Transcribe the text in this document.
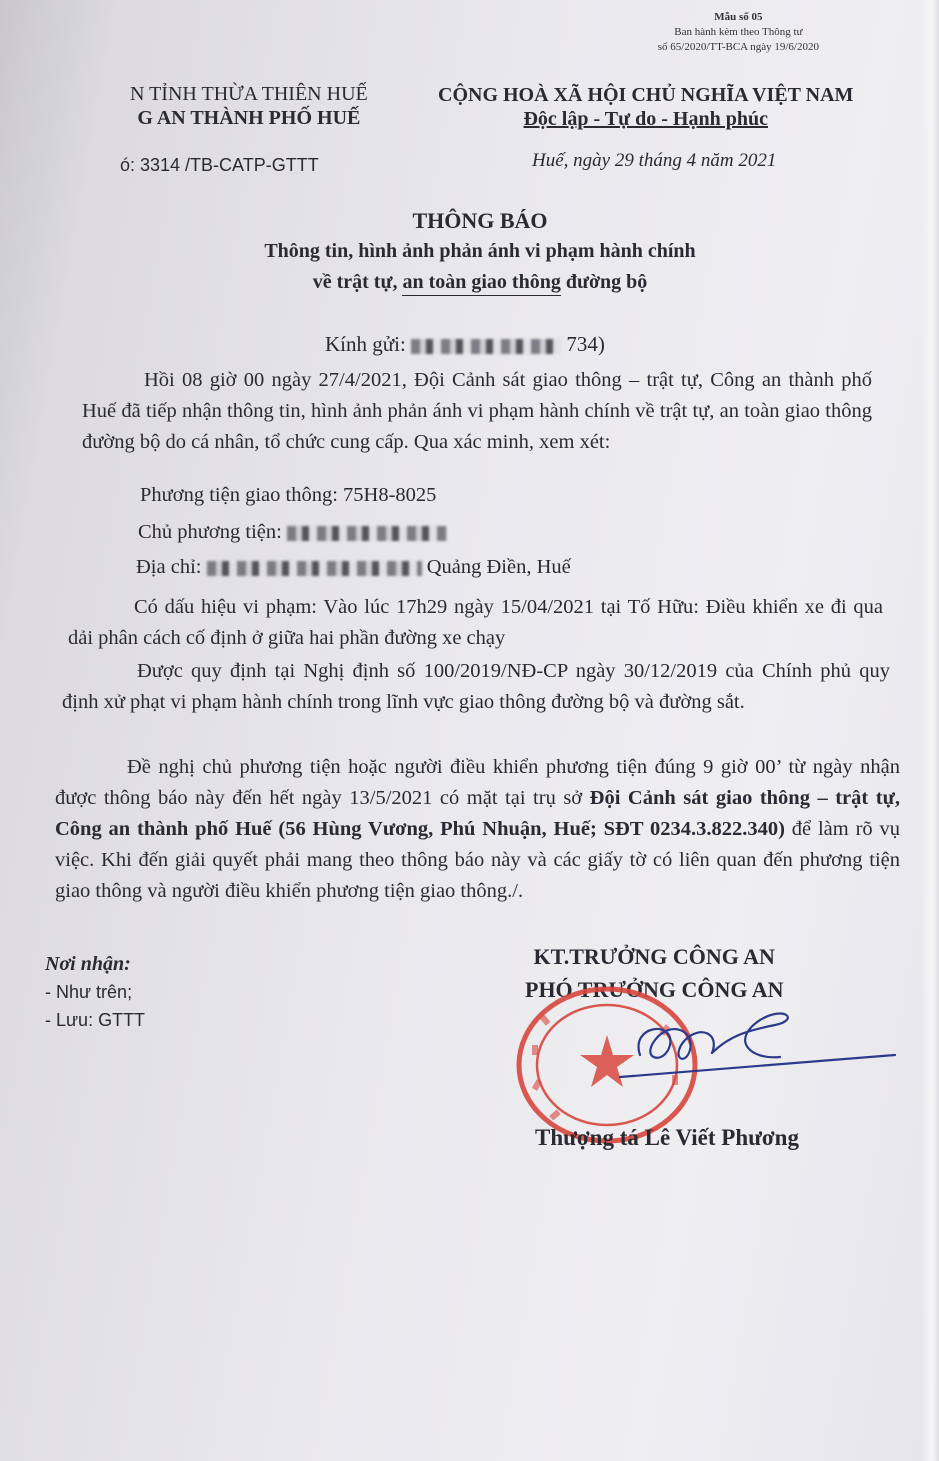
Mẫu số 05
Ban hành kèm theo Thông tư
số 65/2020/TT-BCA ngày 19/6/2020
N TỈNH THỪA THIÊN HUẾ
G AN THÀNH PHỐ HUẾ
CỘNG HOÀ XÃ HỘI CHỦ NGHĨA VIỆT NAM
Độc lập - Tự do - Hạnh phúc
ó: 3314 /TB-CATP-GTTT	Huế, ngày 29 tháng 4 năm 2021
THÔNG BÁO
Thông tin, hình ảnh phản ánh vi phạm hành chính
về trật tự, an toàn giao thông đường bộ
Kính gửi:	734)
Hồi 08 giờ 00 ngày 27/4/2021, Đội Cảnh sát giao thông – trật tự, Công an thành phố Huế đã tiếp nhận thông tin, hình ảnh phản ánh vi phạm hành chính về trật tự, an toàn giao thông đường bộ do cá nhân, tổ chức cung cấp. Qua xác minh, xem xét:
Phương tiện giao thông: 75H8-8025
Chủ phương tiện:
Địa chỉ:	Quảng Điền, Huế
Có dấu hiệu vi phạm: Vào lúc 17h29 ngày 15/04/2021 tại Tố Hữu: Điều khiển xe đi qua dải phân cách cố định ở giữa hai phần đường xe chạy
Được quy định tại Nghị định số 100/2019/NĐ-CP ngày 30/12/2019 của Chính phủ quy định xử phạt vi phạm hành chính trong lĩnh vực giao thông đường bộ và đường sắt.
Đề nghị chủ phương tiện hoặc người điều khiển phương tiện đúng 9 giờ 00’ từ ngày nhận được thông báo này đến hết ngày 13/5/2021 có mặt tại trụ sở Đội Cảnh sát giao thông – trật tự, Công an thành phố Huế (56 Hùng Vương, Phú Nhuận, Huế; SĐT 0234.3.822.340) để làm rõ vụ việc. Khi đến giải quyết phải mang theo thông báo này và các giấy tờ có liên quan đến phương tiện giao thông và người điều khiển phương tiện giao thông./.
Nơi nhận:
- Như trên;
- Lưu: GTTT
KT.TRƯỞNG CÔNG AN
PHÓ TRƯỞNG CÔNG AN
Thượng tá Lê Viết Phương
